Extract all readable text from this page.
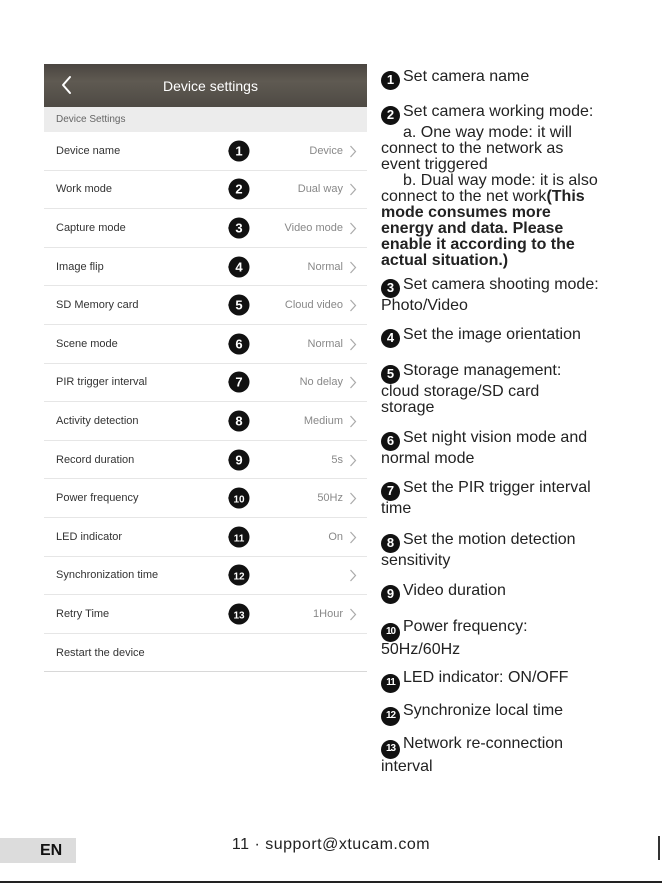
Device settings
Device Settings
Device name	1	Device
Work mode	2	Dual way
Capture mode	3	Video mode
Image flip	4	Normal
SD Memory card	5	Cloud video
Scene mode	6	Normal
PIR trigger interval	7	No delay
Activity detection	8	Medium
Record duration	9	5s
Power frequency	10	50Hz
LED indicator	11	On
Synchronization time	12
Retry Time	13	1Hour
Restart the device
1 Set camera name
2 Set camera working mode:
a. One way mode: it will
connect to the network as
event triggered
b. Dual way mode: it is also
connect to the net work(This
mode consumes more
energy and data. Please
enable it according to the
actual situation.)
3 Set camera shooting mode:
Photo/Video
4 Set the image orientation
5 Storage management:
cloud storage/SD card
storage
6 Set night vision mode and
normal mode
7 Set the PIR trigger interval
time
8 Set the motion detection
sensitivity
9 Video duration
10 Power frequency:
50Hz/60Hz
11 LED indicator: ON/OFF
12 Synchronize local time
13 Network re-connection
interval
EN	11 · support@xtucam.com
